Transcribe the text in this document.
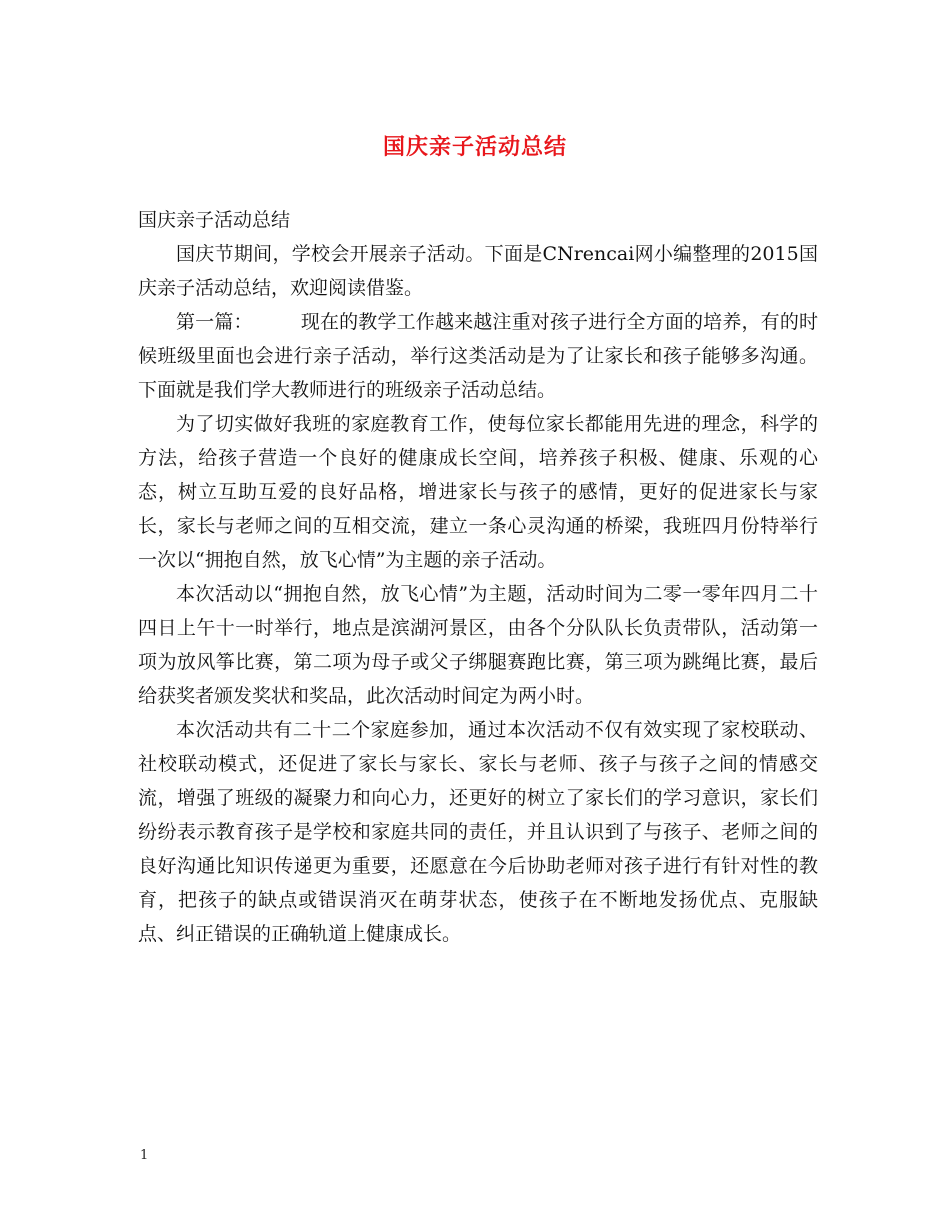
国庆亲子活动总结

国庆亲子活动总结

国庆节期间，学校会开展亲子活动。下面是CNrencai网小编整理的2015国庆亲子活动总结，欢迎阅读借鉴。

第一篇：	现在的教学工作越来越注重对孩子进行全方面的培养，有的时候班级里面也会进行亲子活动，举行这类活动是为了让家长和孩子能够多沟通。下面就是我们学大教师进行的班级亲子活动总结。

为了切实做好我班的家庭教育工作，使每位家长都能用先进的理念，科学的方法，给孩子营造一个良好的健康成长空间，培养孩子积极、健康、乐观的心态，树立互助互爱的良好品格，增进家长与孩子的感情，更好的促进家长与家长，家长与老师之间的互相交流，建立一条心灵沟通的桥梁，我班四月份特举行一次以“拥抱自然，放飞心情”为主题的亲子活动。

本次活动以“拥抱自然，放飞心情”为主题，活动时间为二零一零年四月二十四日上午十一时举行，地点是滨湖河景区，由各个分队队长负责带队，活动第一项为放风筝比赛，第二项为母子或父子绑腿赛跑比赛，第三项为跳绳比赛，最后给获奖者颁发奖状和奖品，此次活动时间定为两小时。

本次活动共有二十二个家庭参加，通过本次活动不仅有效实现了家校联动、社校联动模式，还促进了家长与家长、家长与老师、孩子与孩子之间的情感交流，增强了班级的凝聚力和向心力，还更好的树立了家长们的学习意识，家长们纷纷表示教育孩子是学校和家庭共同的责任，并且认识到了与孩子、老师之间的良好沟通比知识传递更为重要，还愿意在今后协助老师对孩子进行有针对性的教育，把孩子的缺点或错误消灭在萌芽状态，使孩子在不断地发扬优点、克服缺点、纠正错误的正确轨道上健康成长。

1
